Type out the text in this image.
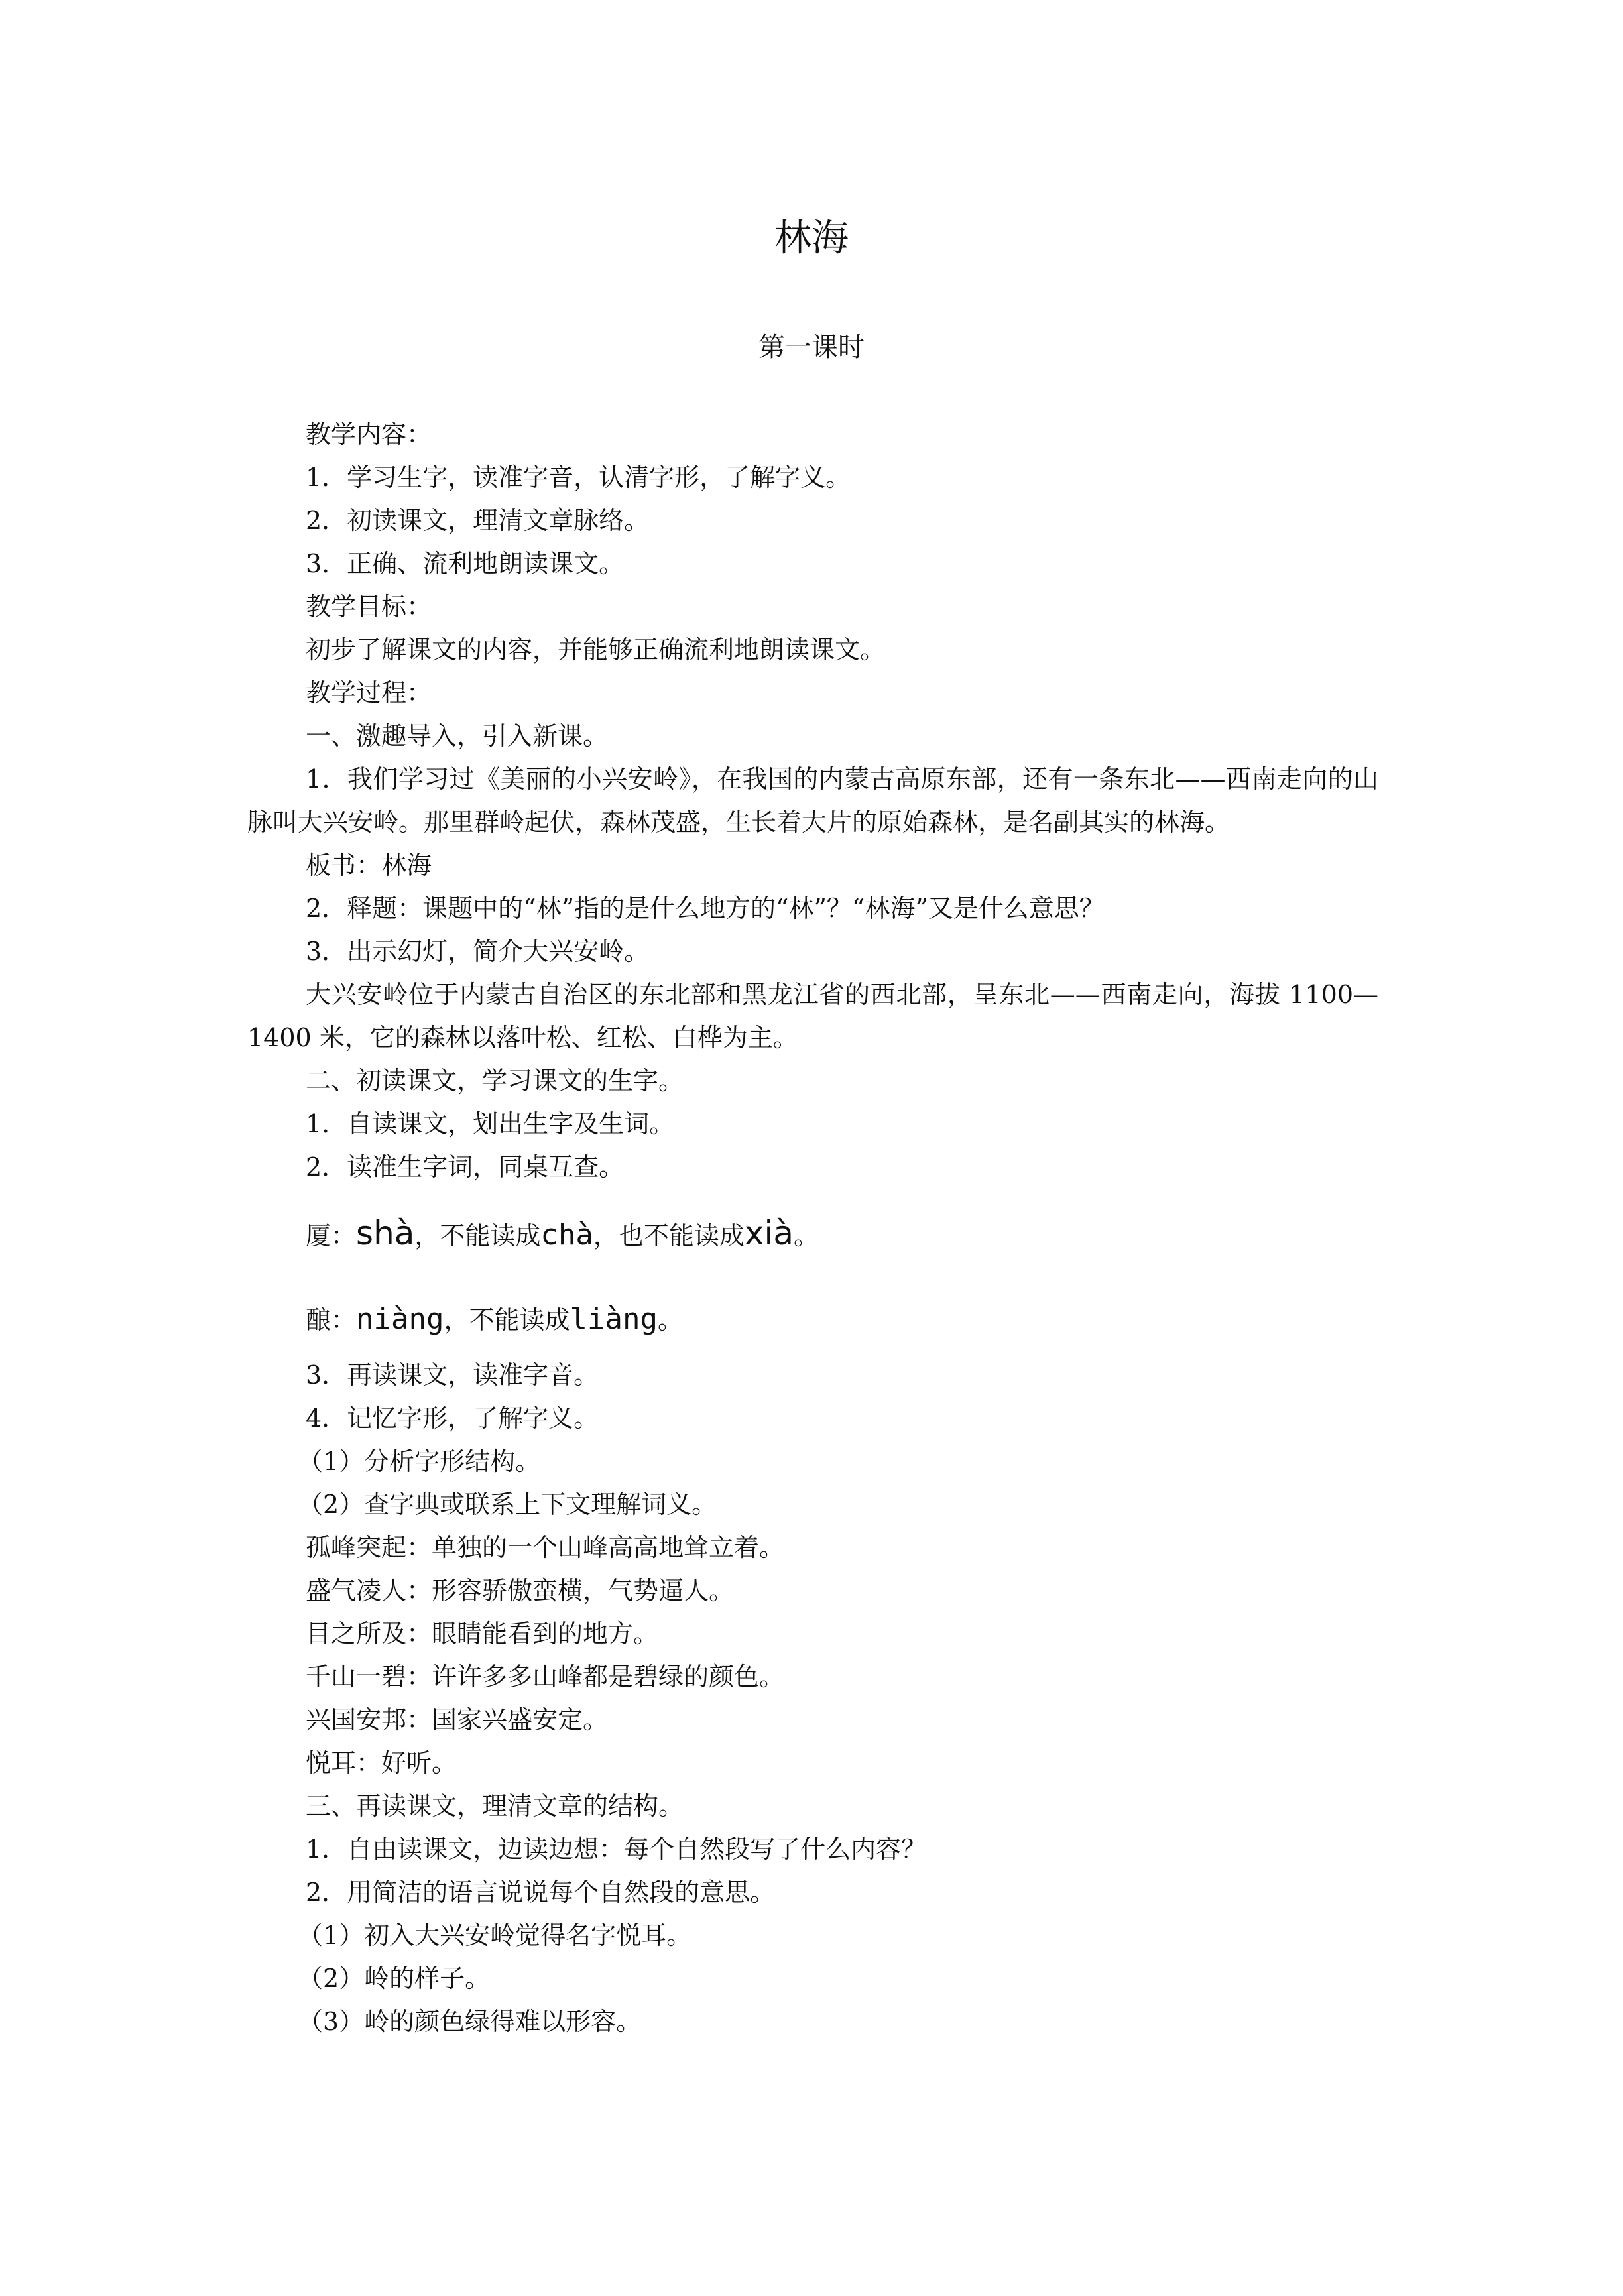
林海
第一课时

教学内容：

1．学习生字，读准字音，认清字形，了解字义。

2．初读课文，理清文章脉络。

3．正确、流利地朗读课文。

教学目标：

初步了解课文的内容，并能够正确流利地朗读课文。

教学过程：

一、激趣导入，引入新课。

1．我们学习过《美丽的小兴安岭》，在我国的内蒙古高原东部，还有一条东北——西南走向的山脉叫大兴安岭。那里群岭起伏，森林茂盛，生长着大片的原始森林，是名副其实的林海。

板书：林海

2．释题：课题中的“林”指的是什么地方的“林”？“林海”又是什么意思？

3．出示幻灯，简介大兴安岭。

大兴安岭位于内蒙古自治区的东北部和黑龙江省的西北部，呈东北——西南走向，海拔 1100—1400 米，它的森林以落叶松、红松、白桦为主。

二、初读课文，学习课文的生字。

1．自读课文，划出生字及生词。

2．读准生字词，同桌互查。

厦：shà，不能读成chà，也不能读成xià。

酿：niàng，不能读成liàng。

3．再读课文，读准字音。

4．记忆字形，了解字义。

（1）分析字形结构。

（2）查字典或联系上下文理解词义。

孤峰突起：单独的一个山峰高高地耸立着。

盛气凌人：形容骄傲蛮横，气势逼人。

目之所及：眼睛能看到的地方。

千山一碧：许许多多山峰都是碧绿的颜色。

兴国安邦：国家兴盛安定。

悦耳：好听。

三、再读课文，理清文章的结构。

1．自由读课文，边读边想：每个自然段写了什么内容？

2．用简洁的语言说说每个自然段的意思。

（1）初入大兴安岭觉得名字悦耳。

（2）岭的样子。

（3）岭的颜色绿得难以形容。
